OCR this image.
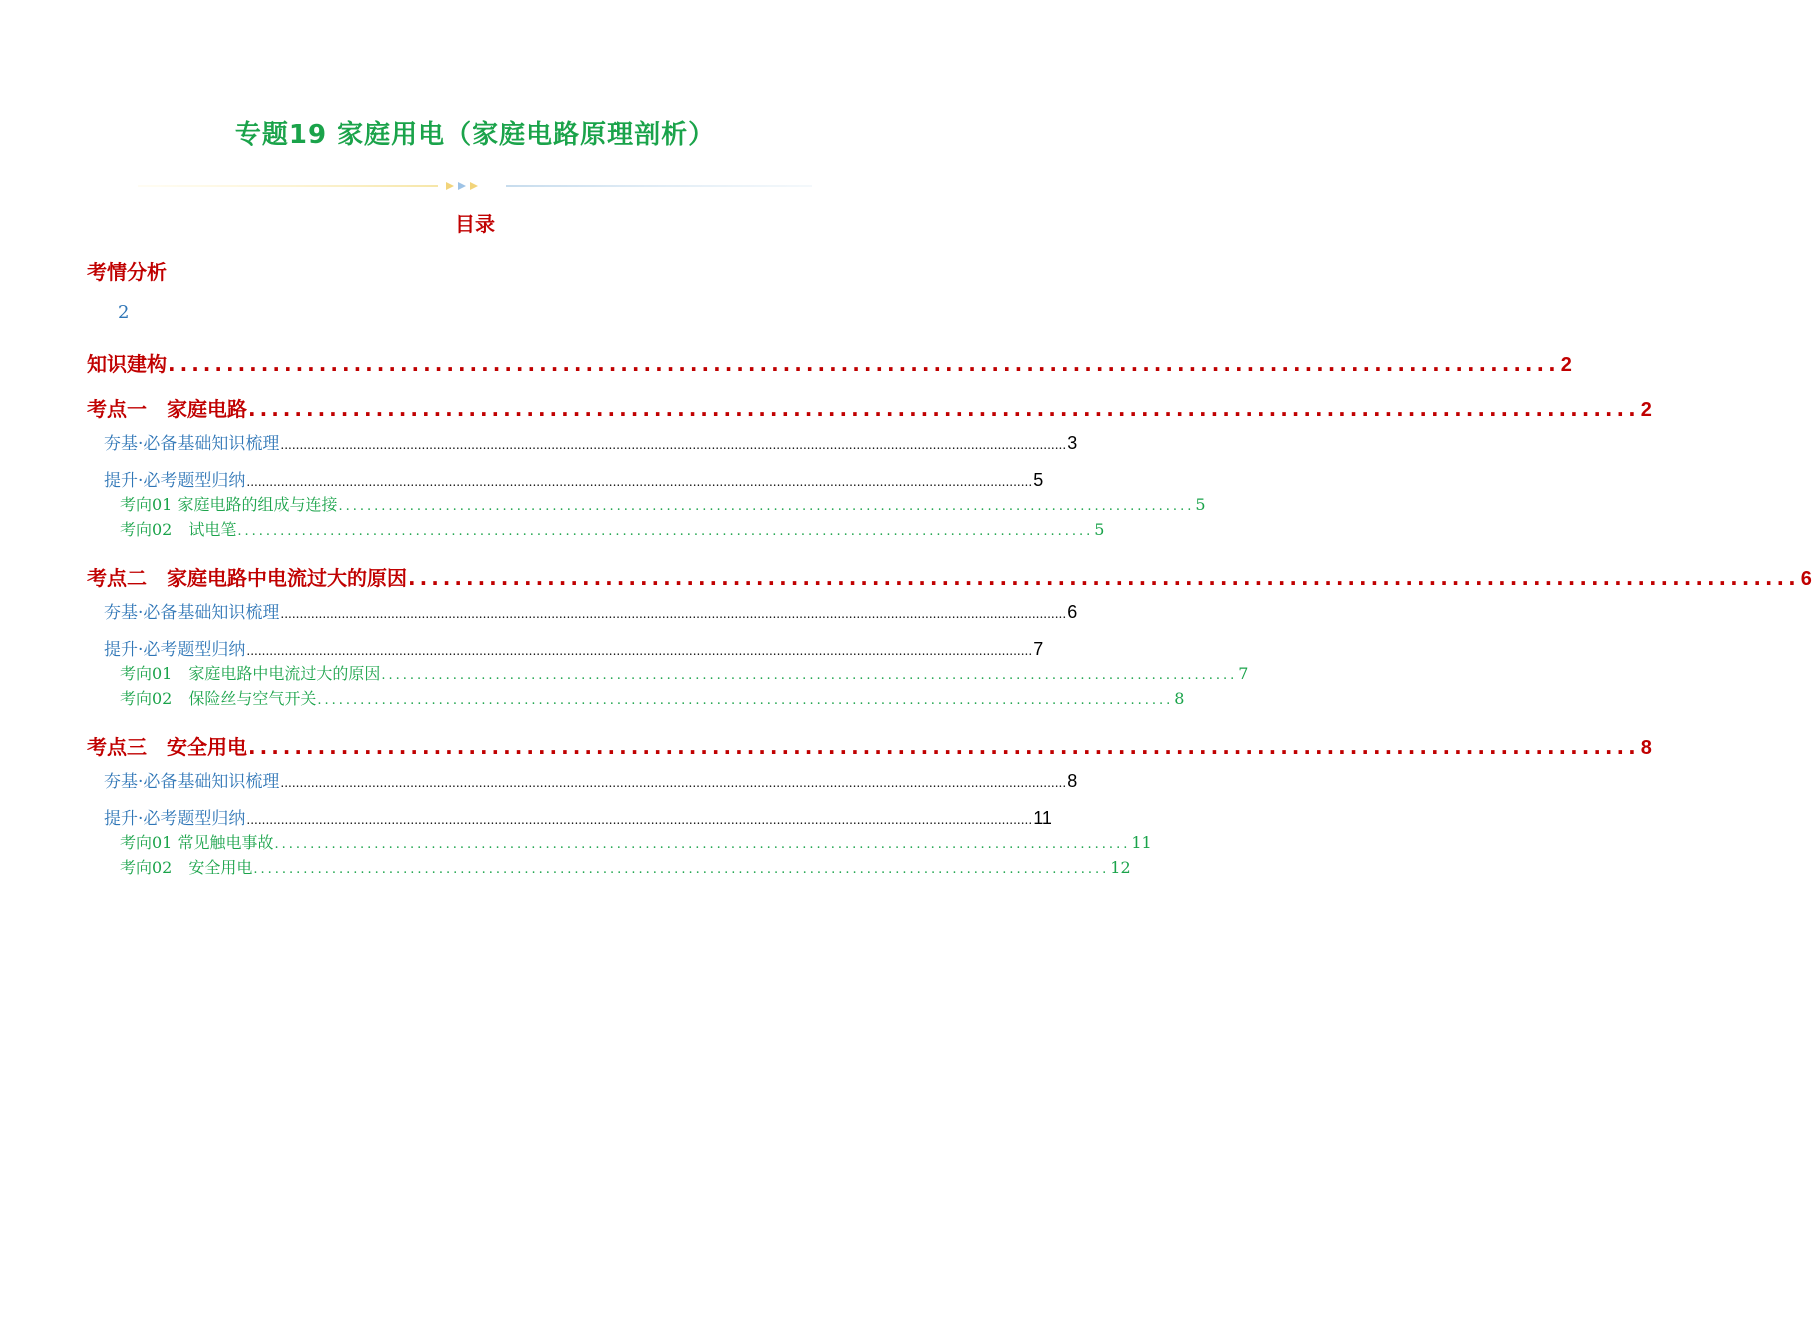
专题19 家庭用电（家庭电路原理剖析）
目录
考情分析
2
知识建构 ........................................................................................................................ 2
考点一　家庭电路 ........................................................................................................................ 2
夯基·必备基础知识梳理 .............................................................................................................................................................................................................. 3
提升·必考题型归纳 .............................................................................................................................................................................................................. 5
考向01 家庭电路的组成与连接 ........................................................................................................................ 5
考向02　试电笔 ........................................................................................................................ 5
考点二　家庭电路中电流过大的原因 ........................................................................................................................ 6
夯基·必备基础知识梳理 .............................................................................................................................................................................................................. 6
提升·必考题型归纳 .............................................................................................................................................................................................................. 7
考向01　家庭电路中电流过大的原因 ........................................................................................................................ 7
考向02　保险丝与空气开关 ........................................................................................................................ 8
考点三　安全用电 ........................................................................................................................ 8
夯基·必备基础知识梳理 .............................................................................................................................................................................................................. 8
提升·必考题型归纳 .............................................................................................................................................................................................................. 11
考向01 常见触电事故 ........................................................................................................................ 11
考向02　安全用电 ........................................................................................................................ 12
